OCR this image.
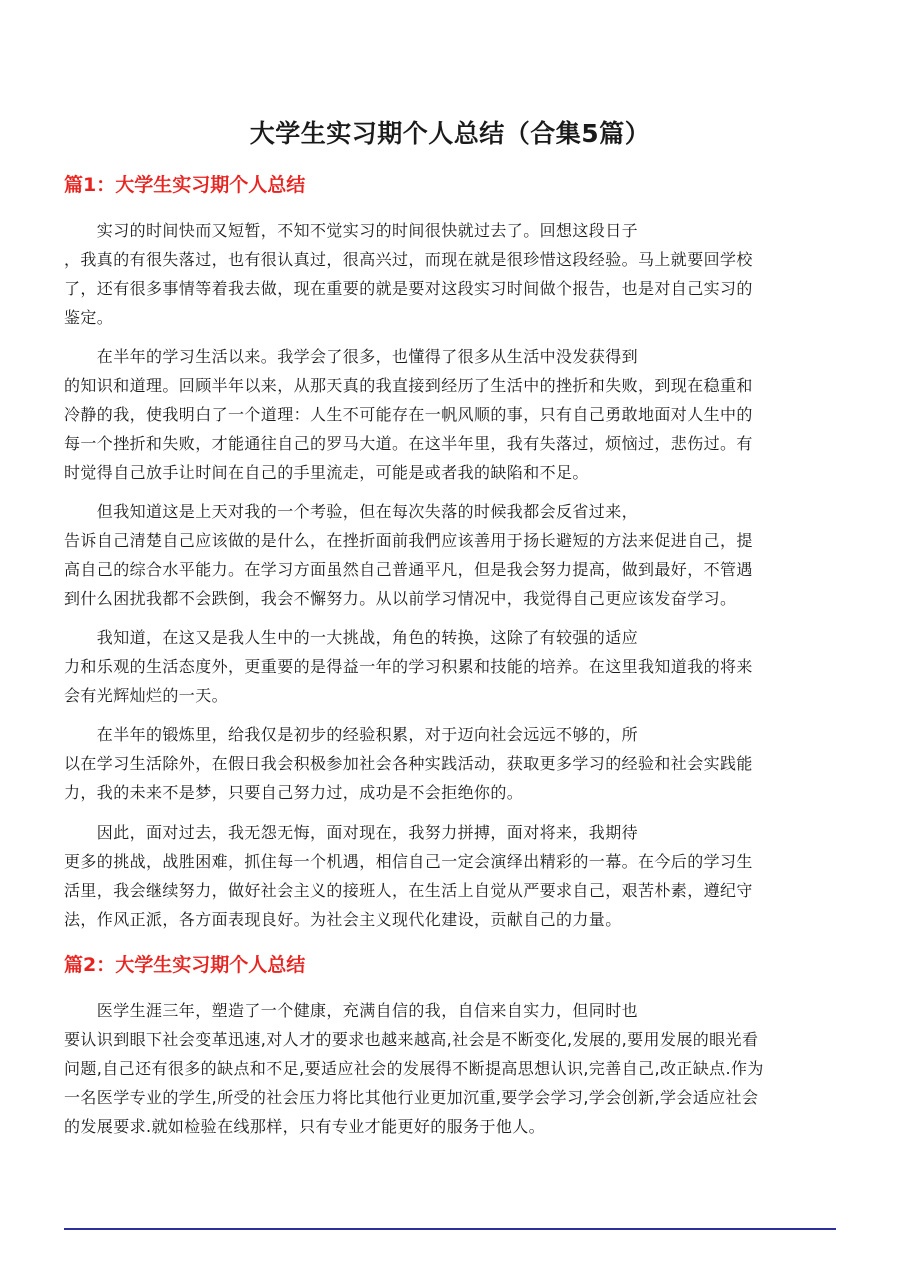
大学生实习期个人总结（合集5篇）
篇1：大学生实习期个人总结

　　实习的时间快而又短暂，不知不觉实习的时间很快就过去了。回想这段日子
，我真的有很失落过，也有很认真过，很高兴过，而现在就是很珍惜这段经验。马上就要回学校
了，还有很多事情等着我去做，现在重要的就是要对这段实习时间做个报告，也是对自己实习的
鉴定。

　　在半年的学习生活以来。我学会了很多，也懂得了很多从生活中没发获得到
的知识和道理。回顾半年以来，从那天真的我直接到经历了生活中的挫折和失败，到现在稳重和
冷静的我，使我明白了一个道理：人生不可能存在一帆风顺的事，只有自己勇敢地面对人生中的
每一个挫折和失败，才能通往自己的罗马大道。在这半年里，我有失落过，烦恼过，悲伤过。有
时觉得自己放手让时间在自己的手里流走，可能是或者我的缺陷和不足。

　　但我知道这是上天对我的一个考验，但在每次失落的时候我都会反省过来，
告诉自己清楚自己应该做的是什么，在挫折面前我們应该善用于扬长避短的方法来促进自己，提
高自己的综合水平能力。在学习方面虽然自己普通平凡，但是我会努力提高，做到最好，不管遇
到什么困扰我都不会跌倒，我会不懈努力。从以前学习情况中，我觉得自己更应该发奋学习。

　　我知道，在这又是我人生中的一大挑战，角色的转换，这除了有较强的适应
力和乐观的生活态度外，更重要的是得益一年的学习积累和技能的培养。在这里我知道我的将来
会有光辉灿烂的一天。

　　在半年的锻炼里，给我仅是初步的经验积累，对于迈向社会远远不够的，所
以在学习生活除外，在假日我会积极参加社会各种实践活动，获取更多学习的经验和社会实践能
力，我的未来不是梦，只要自己努力过，成功是不会拒绝你的。

　　因此，面对过去，我无怨无悔，面对现在，我努力拼搏，面对将来，我期待
更多的挑战，战胜困难，抓住每一个机遇，相信自己一定会演绎出精彩的一幕。在今后的学习生
活里，我会继续努力，做好社会主义的接班人，在生活上自觉从严要求自己，艰苦朴素，遵纪守
法，作风正派，各方面表现良好。为社会主义现代化建设，贡献自己的力量。

篇2：大学生实习期个人总结

　　医学生涯三年，塑造了一个健康，充满自信的我，自信来自实力，但同时也
要认识到眼下社会变革迅速,对人才的要求也越来越高,社会是不断变化,发展的,要用发展的眼光看
问题,自己还有很多的缺点和不足,要适应社会的发展得不断提高思想认识,完善自己,改正缺点.作为
一名医学专业的学生,所受的社会压力将比其他行业更加沉重,要学会学习,学会创新,学会适应社会
的发展要求.就如检验在线那样，只有专业才能更好的服务于他人。
